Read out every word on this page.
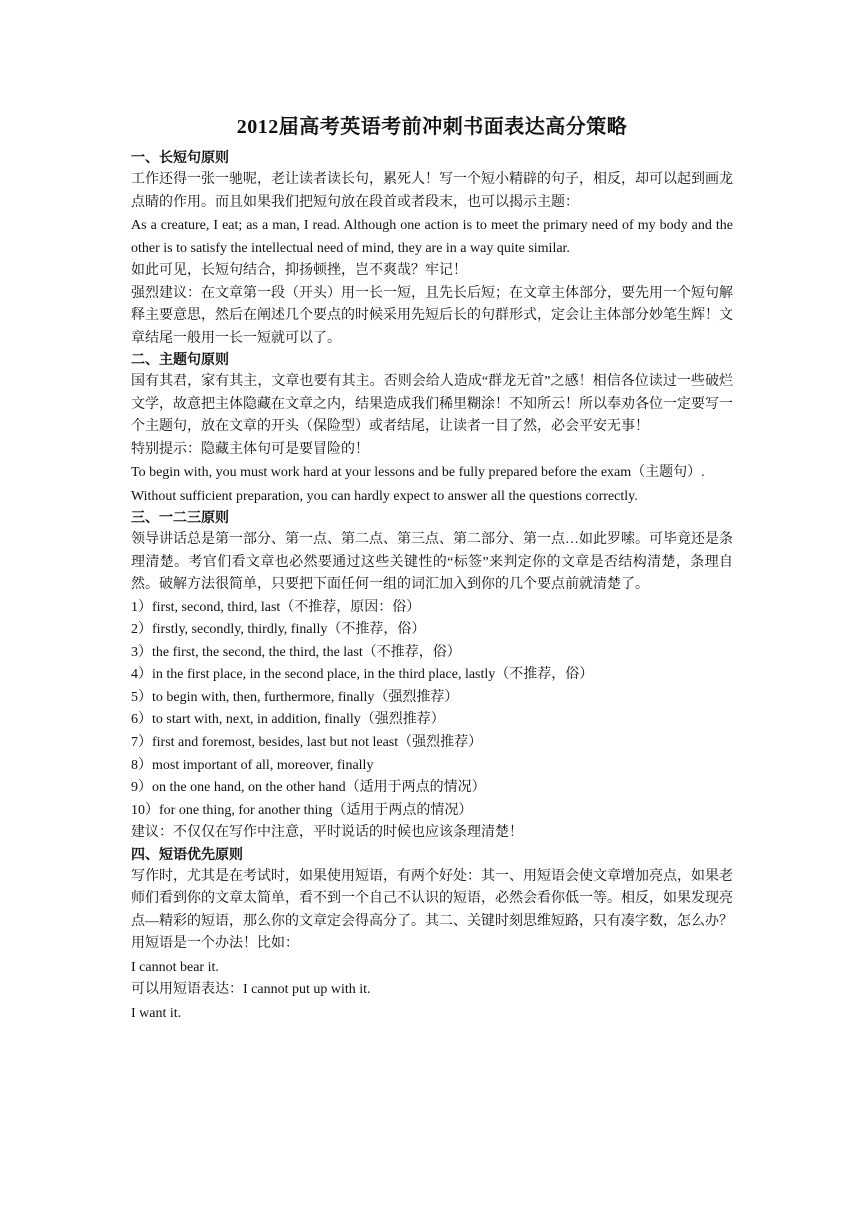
2012届高考英语考前冲刺书面表达高分策略
一、长短句原则

工作还得一张一驰呢，老让读者读长句，累死人！写一个短小精辟的句子，相反，却可以起到画龙点睛的作用。而且如果我们把短句放在段首或者段末，也可以揭示主题：

As a creature, I eat; as a man, I read. Although one action is to meet the primary need of my body and the other is to satisfy the intellectual need of mind, they are in a way quite similar.

如此可见，长短句结合，抑扬顿挫，岂不爽哉？牢记！

强烈建议：在文章第一段（开头）用一长一短，且先长后短；在文章主体部分，要先用一个短句解释主要意思，然后在阐述几个要点的时候采用先短后长的句群形式，定会让主体部分妙笔生辉！文章结尾一般用一长一短就可以了。

二、主题句原则

国有其君，家有其主，文章也要有其主。否则会给人造成“群龙无首”之感！相信各位读过一些破烂文学，故意把主体隐藏在文章之内，结果造成我们稀里糊涂！不知所云！所以奉劝各位一定要写一个主题句，放在文章的开头（保险型）或者结尾，让读者一目了然，必会平安无事！

特别提示：隐藏主体句可是要冒险的！

To begin with, you must work hard at your lessons and be fully prepared before the exam（主题句）.

Without sufficient preparation, you can hardly expect to answer all the questions correctly.

三、一二三原则

领导讲话总是第一部分、第一点、第二点、第三点、第二部分、第一点…如此罗嗦。可毕竟还是条理清楚。考官们看文章也必然要通过这些关键性的“标签”来判定你的文章是否结构清楚，条理自然。破解方法很简单，只要把下面任何一组的词汇加入到你的几个要点前就清楚了。

1）first, second, third, last（不推荐，原因：俗）
2）firstly, secondly, thirdly, finally（不推荐，俗）
3）the first, the second, the third, the last（不推荐，俗）
4）in the first place, in the second place, in the third place, lastly（不推荐，俗）
5）to begin with, then, furthermore, finally（强烈推荐）
6）to start with, next, in addition, finally（强烈推荐）
7）first and foremost, besides, last but not least（强烈推荐）
8）most important of all, moreover, finally
9）on the one hand, on the other hand（适用于两点的情况）
10）for one thing, for another thing（适用于两点的情况）

建议：不仅仅在写作中注意，平时说话的时候也应该条理清楚！

四、短语优先原则

写作时，尤其是在考试时，如果使用短语，有两个好处：其一、用短语会使文章增加亮点，如果老师们看到你的文章太简单，看不到一个自己不认识的短语，必然会看你低一等。相反，如果发现亮点—精彩的短语，那么你的文章定会得高分了。其二、关键时刻思维短路，只有凑字数，怎么办？用短语是一个办法！比如：

I cannot bear it.

可以用短语表达：I cannot put up with it.

I want it.
